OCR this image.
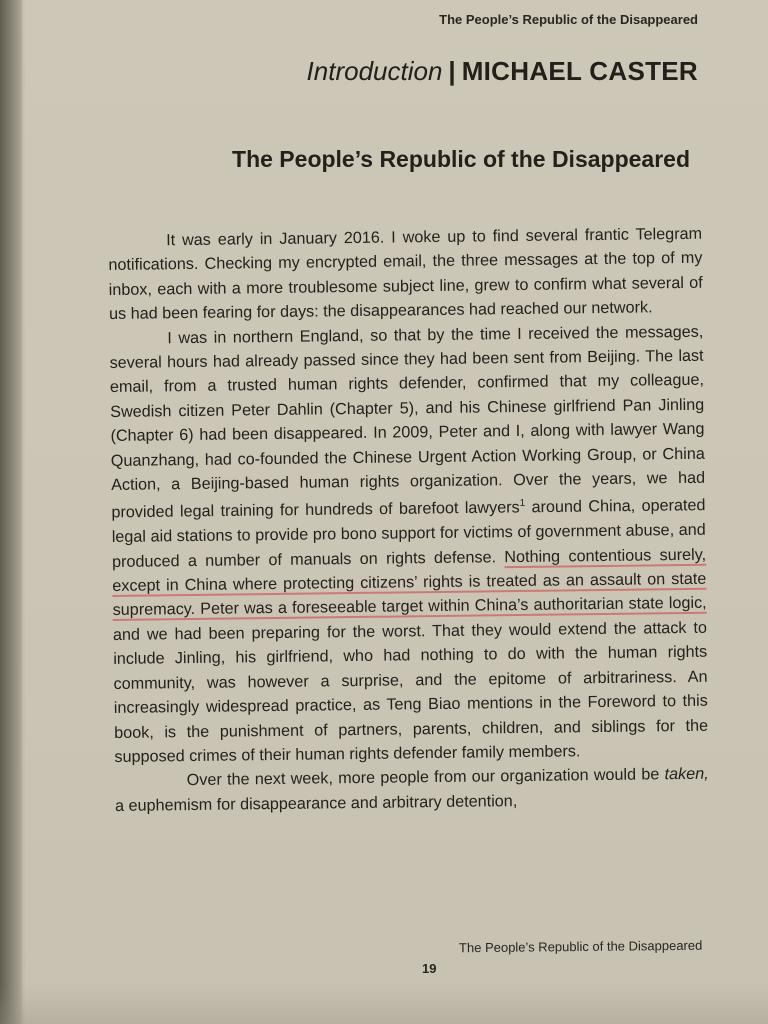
The People’s Republic of the Disappeared
Introduction | MICHAEL CASTER
The People’s Republic of the Disappeared

It was early in January 2016. I woke up to find several frantic Telegram notifications. Checking my encrypted email, the three messages at the top of my inbox, each with a more troublesome subject line, grew to confirm what several of us had been fearing for days: the disappearances had reached our network.

I was in northern England, so that by the time I received the messages, several hours had already passed since they had been sent from Beijing. The last email, from a trusted human rights defender, confirmed that my colleague, Swedish citizen Peter Dahlin (Chapter 5), and his Chinese girlfriend Pan Jinling (Chapter 6) had been disappeared. In 2009, Peter and I, along with lawyer Wang Quanzhang, had co-founded the Chinese Urgent Action Working Group, or China Action, a Beijing-based human rights organization. Over the years, we had provided legal training for hundreds of barefoot lawyers$^1$ around China, operated legal aid stations to provide pro bono support for victims of government abuse, and produced a number of manuals on rights defense. Nothing contentious surely, except in China where protecting citizens’ rights is treated as an assault on state supremacy. Peter was a foreseeable target within China’s authoritarian state logic, and we had been preparing for the worst. That they would extend the attack to include Jinling, his girlfriend, who had nothing to do with the human rights community, was however a surprise, and the epitome of arbitrariness. An increasingly widespread practice, as Teng Biao mentions in the Foreword to this book, is the punishment of partners, parents, children, and siblings for the supposed crimes of their human rights defender family members.

Over the next week, more people from our organization would be taken, a euphemism for disappearance and arbitrary detention,

The People’s Republic of the Disappeared
19
